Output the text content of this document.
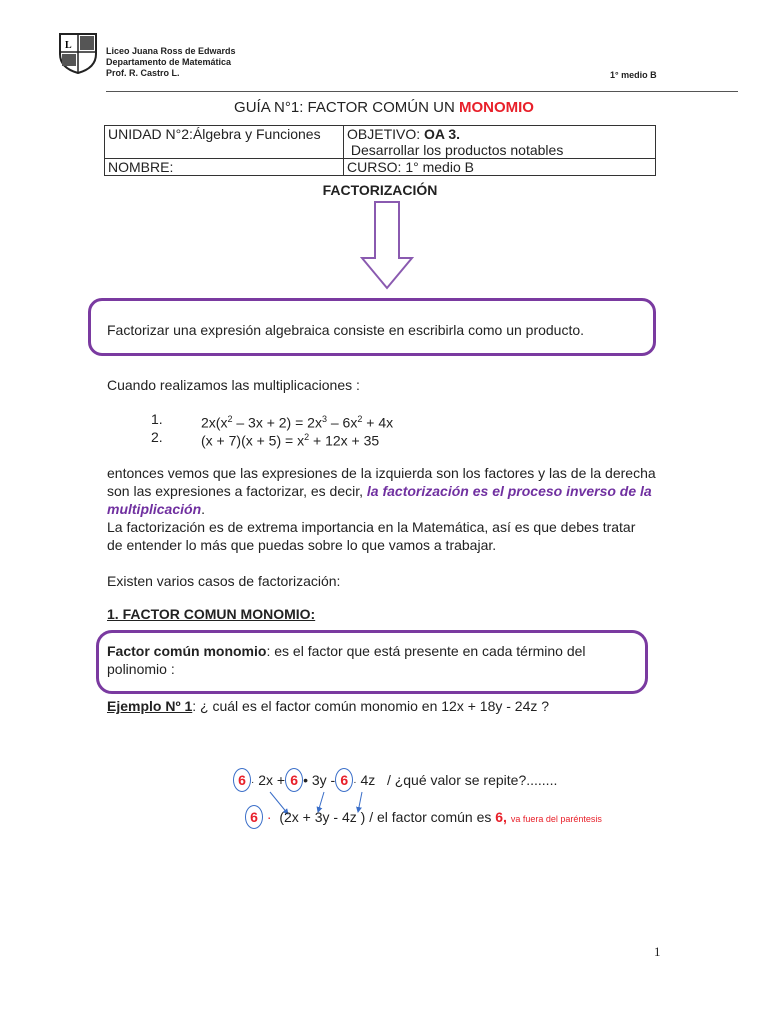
L	Liceo Juana Ross de Edwards
Departamento de Matemática
Prof. R. Castro L.	1° medio B
GUÍA N°1: FACTOR COMÚN UN MONOMIO
UNIDAD N°2:Álgebra y Funciones	OBJETIVO: OA 3.
Desarrollar los productos notables
NOMBRE:	CURSO: 1° medio B
FACTORIZACIÓN
Factorizar una expresión algebraica consiste en escribirla como un producto.
Cuando realizamos las multiplicaciones :
1.	$2x(x^2 - 3x + 2) = 2x^3 - 6x^2 + 4x$
2.	$(x + 7)(x + 5) = x^2 + 12x + 35$
entonces vemos que las expresiones de la izquierda son los factores y las de la derecha son las expresiones a factorizar, es decir, la factorización es el proceso inverso de la multiplicación.
La factorización es de extrema importancia en la Matemática, así es que debes tratar de entender lo más que puedas sobre lo que vamos a trabajar.
Existen varios casos de factorización:
1. FACTOR COMUN MONOMIO:
Factor común monomio: es el factor que está presente en cada término del polinomio :
Ejemplo Nº 1: ¿ cuál es el factor común monomio en 12x + 18y - 24z ?
6 · 2x + 6 • 3y - 6 · 4z   / ¿qué valor se repite?........
6 · (2x + 3y - 4z ) / el factor común es 6, va fuera del paréntesis
1
